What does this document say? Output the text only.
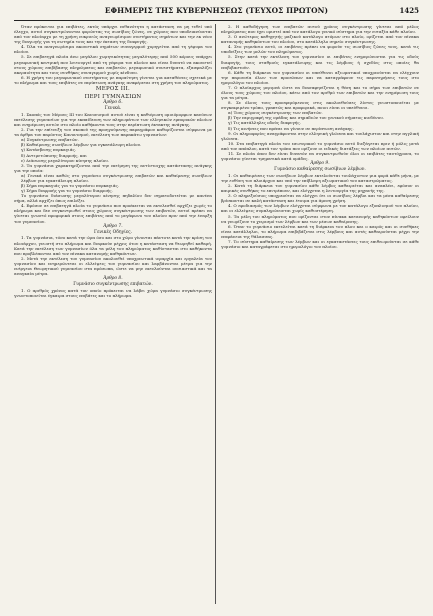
ΕΦΗΜΕΡΙΣ ΤΗΣ ΚΥΒΕΡΝΗΣΕΩΣ (ΤΕΥΧΟΣ ΠΡΩΤΟΝ)	1425

Όταν πρόκειται για επιβάτες, εκτός υπάρχει πιθανότητα η κατάσταση να μη τεθεί υπό έλεγχο, αυτοί συγκεντρώνονται φορώντας τις σωσίβιες ζώνες, σε χώρους που υποδεικνύονται από τον πλοίαρχο με τη χρήση ευκρινώς αναγνωρίσιμου συστήματος σημάτων και την εκ νέου της διαγωγής για τη σωτηρία τους και την έκταση της διαφυγής.

4. Όλα τα αναγνωρίσιμα ακουστικά σημάτων συναγερμού χορηγείται από τη γέφυρα του πλοίου.

5. Σε επιβατηγά πλοία άνω μεγάλου χωρητικότητας μεγαλύτερης από 500 κόρους υπάρχει μεγαφωνική κεντρική που λειτουργεί από τη γέφυρα του πλοίου και είναι δυνατό να ακουστεί στους χώρους επιβίβασης πληρώματος και επιβατών, μεγαφωνικό συνεστήματα, εξασφαλίζει ακεραιότητα και τους συνθήκες συναγερμού χωρίς κίνδυνο.

6. Η χρήση του μεγαφωνικού συστήματος με παραίτηση γίνεται για καταθέσεις σχετικά με το πλήρωμα και τους επιβάτες σε περίπτωση ανάγκης αναφέρεται στη χρήση του πληρώματος.

ΜΕΡΟΣ ΙΙΙ.

ΠΕΡΙ ΓΥΜΝΑΣΙΩΝ

Άρθρο 6.

Γενικά.

1. Σκοπός του Μέρους ΙΙΙ του Κανονισμού αυτού είναι η καθιέρωση ομοιόμορφων κανόνων εκτέλεσης γυμνασίων για την εκπαίδευση των πληρωμάτων των ελληνικών εμπορικών πλοίων και ενημέρωση αυτών στο πλοίο καθήκοντα τους στην περίπτωση έκτακτης ανάγκης.

2. Για την επίτευξη του σκοπού της προηγούμενης παραγράφου καθορίζονται σύμφωνα με τα άρθρα του παρόντος Κανονισμού, εκτέλεση των παρακάτω γυμνασίων:

α) Συγκέντρωσης επιβατών.

β) Καθαίρεσης σωσίβιων λέμβων για εγκατάλειψη πλοίου.

γ) Κατάσβεσης πυρκαγιάς.

δ) Αντιμετώπισης διαρροής, και

ε) Διάσωσης μεγαλύτερου κίνησης πλοίου.

3. Τα γυμνάσια χαρακτηρίζονται από την εκτίμηση της αντίστοιχης κατάστασης ανάγκης για την οποία:

α) Γενικά είναι καθώς στο γυμνάσιο συγκέντρωσης επιβατών και καθαίρεσης σωσίβιων λέμβων για εγκατάλειψη πλοίου.

β) Σήμα πυρκαγιάς για το γυμνάσιο πυρκαγιάς.

γ) Σήμα διαρροής για το γυμνάσιο διαρροής.

Το γυμνάσιο διάσωσης μεγαλύτερου κίνησης πηδαλίου δεν σηματοδοτείται με κανένα σήμα, αλλά αρχίζει όπως επιλέξει.

4. Εφόσον σε επιβατηγά πλοία το γυμνάσιο που προέκειται να εκτελεσθεί αρχίζει χωρίς το πλήρωμα και δεν συγκεντρωθεί στους χώρους συγκέντρωσης των επιβατών, αυτοί πρέπει να γίνεται γνωστό προφορικά στους επιβάτες από το μεγάφωνο του πλοίου πριν από την έναρξη του γυμνασίου.

Άρθρο 7.

Γενικές Οδηγίες.

1. Τα γυμνάσια, τόσο κατά την ώρα όσο και στο χώρο γίνονται πάντοτε κατά την κρίση του πλοιάρχου, γνωστή στο πλήρωμα και διαρκούν μέχρις ότου η κατάσταση να θεωρηθεί καθαρή. Κατά την εκτέλεση των γυμνασίων όλα τα μέλη του πληρώματος καθίστανται στο καθήκοντα που προβλέπονται από τον πίνακα κατανομής καθηκόντων.

2. Μετά την εκτέλεση του γυμνασίου ακολουθεί υποχρεωτικά ιεραρχία και εργαλεία του γυμνασίου και ενημερώνεται οι ελλείψεις του γυμνασίου και λαμβάνονται μέτρα για την ενέργεια Θεωρητικού γυμνασίου στα πρόσωπα, ώστε να μην εκτελούνται ουσιαστικά και τα αναγκαία μέτρα.

Άρθρο 8.

Γυμνάσιο συγκέντρωσης επιβατών.

1. Ο αριθμός χρόνος κατά τον οποίο πρόκειται να λάβει χώρα γυμνάσιο συγκέντρωσης γνωστοποιείται έγκαιρα στους επιβάτες και το πλήρωμα.

2. Η καθοδήγηση των επιβατών αυτού χρόνος συγκέντρωσης γίνεται από μέλος πληρώματος που έχει οριστεί από τον κατάλογο γενικό σύστημα για την ευταξία κάθε πλοίου.

3. Ο ανώτερος καθηγητής μαζικού κατάλογο ατόμων στο πλοίο, ορίζεται από τον πίνακα κατανομής καθηκόντων του πλοίου, στο κατάλληλο σημείο συγκέντρωσης.

4. Στο γυμνάσιο αυτό, οι επιβάτες πρέπει να φορούν τις σωσίβιες ζώνες τους, κατά τις υποδείξεις των μελών του πληρώματος.

5. Στην κατά την εκτέλεση του γυμνασίου οι επιβάτες ενημερώνονται για τις οδούς διαφυγής, τους σταθμούς εγκατάλειψης και τις λέμβους ή σχεδίες στις οποίες θα επιβιβαστούν.

6. Κάθε τη διάρκεια του γυμνασίου οι υπεύθυνοι αξιωματικοί υποχρεούνται να ελέγχουν την παρουσία όλων των προσώπων και να καταγράφουν τις παρατηρήσεις τους στο ημερολόγιο του πλοίου.

7. Ο πλοίαρχος μεριμνά ώστε να διασαφηνίζεται η θέση και το σήμα των επιβατών σε όλους τους χώρους του πλοίου, κάτω από τον αριθμό των επιβατών και την ενημέρωση τους για τα μέτρα.

8. Σε όλους τους προσφερόμενους στις ακολουθούσες λίστες γνωστοποιείται με συγκεκριμένο τρόπο, γραπτώς και προφορικά, ποιοι είναι οι υπεύθυνοι.

α) Τους χώρους συγκέντρωσης των επιβατών.

β) Την περιγραφή της ομάδας και σημαδιών του γενικού σήματος κινδύνου.

γ) Τις κατάλληλες οδούς διαφυγής.

δ) Τις κινήσεις που πρέπει να γίνουν σε περίπτωση ανάγκης.

9. Οι πληροφορίες αναγράφονται στην ελληνική γλώσσα και τουλάχιστον και στην αγγλική γλώσσα.

10. Στα επιβατηγά πλοία του εσωτερικού το γυμνάσιο αυτό διεξάγεται πριν ή μόλις μετά από τον απόπλου, κατά τον τρόπο που ορίζουν οι ειδικές διατάξεις των πλοίων αυτών.

11. Σε πλοία όπου δεν είναι δυνατόν να συγκεντρωθούν όλοι οι επιβάτες ταυτόχρονα, το γυμνάσιο γίνεται τμηματικά κατά ομάδες.

Άρθρο 9.

Γυμνάσιο καθαίρεσης σωσίβιων λέμβων.

1. Οι καθαιρέσεις των σωσίβιων λέμβων εκτελούνται τουλάχιστον μια φορά κάθε μήνα, με την ευθύνη του πλοιάρχου και υπό την επίβλεψη αξιωματικού του καταστρώματος.

2. Κατά τη διάρκεια του γυμνασίου κάθε λέμβος καθαιρείται και αναπλέει, εφόσον οι καιρικές συνθήκες το επιτρέπουν, και ελέγχεται η λειτουργία της μηχανής της.

3. Ο πληρεξούσιος υποχρεούται να ελέγχει ότι οι σωσίβιες λέμβοι και τα μέσα καθαίρεσης βρίσκονται σε καλή κατάσταση και έτοιμα για άμεση χρήση.

4. Ο εφοδιασμός των λέμβων ελέγχεται σύμφωνα με τον κατάλογο εξοπλισμού του πλοίου, και οι ελλείψεις συμπληρώνονται χωρίς καθυστέρηση.

5. Τα μέλη του πληρώματος που ορίζονται στον πίνακα κατανομής καθηκόντων οφείλουν να γνωρίζουν το χειρισμό των λέμβων και των μέσων καθαίρεσης.

6. Όταν το γυμνάσιο εκτελείται κατά τη διάρκεια του πλου και ο καιρός και οι συνθήκες είναι κατάλληλοι, το πλήρωμα επιβιβάζεται στις λέμβους και αυτές καθαιρούνται μέχρι την επιφάνεια της θάλασσας.

7. Το σύστημα καθαίρεσης των λέμβων και οι εγκαταστάσεις τους επιθεωρούνται σε κάθε γυμνάσιο και καταγράφεται στο ημερολόγιο του πλοίου.
